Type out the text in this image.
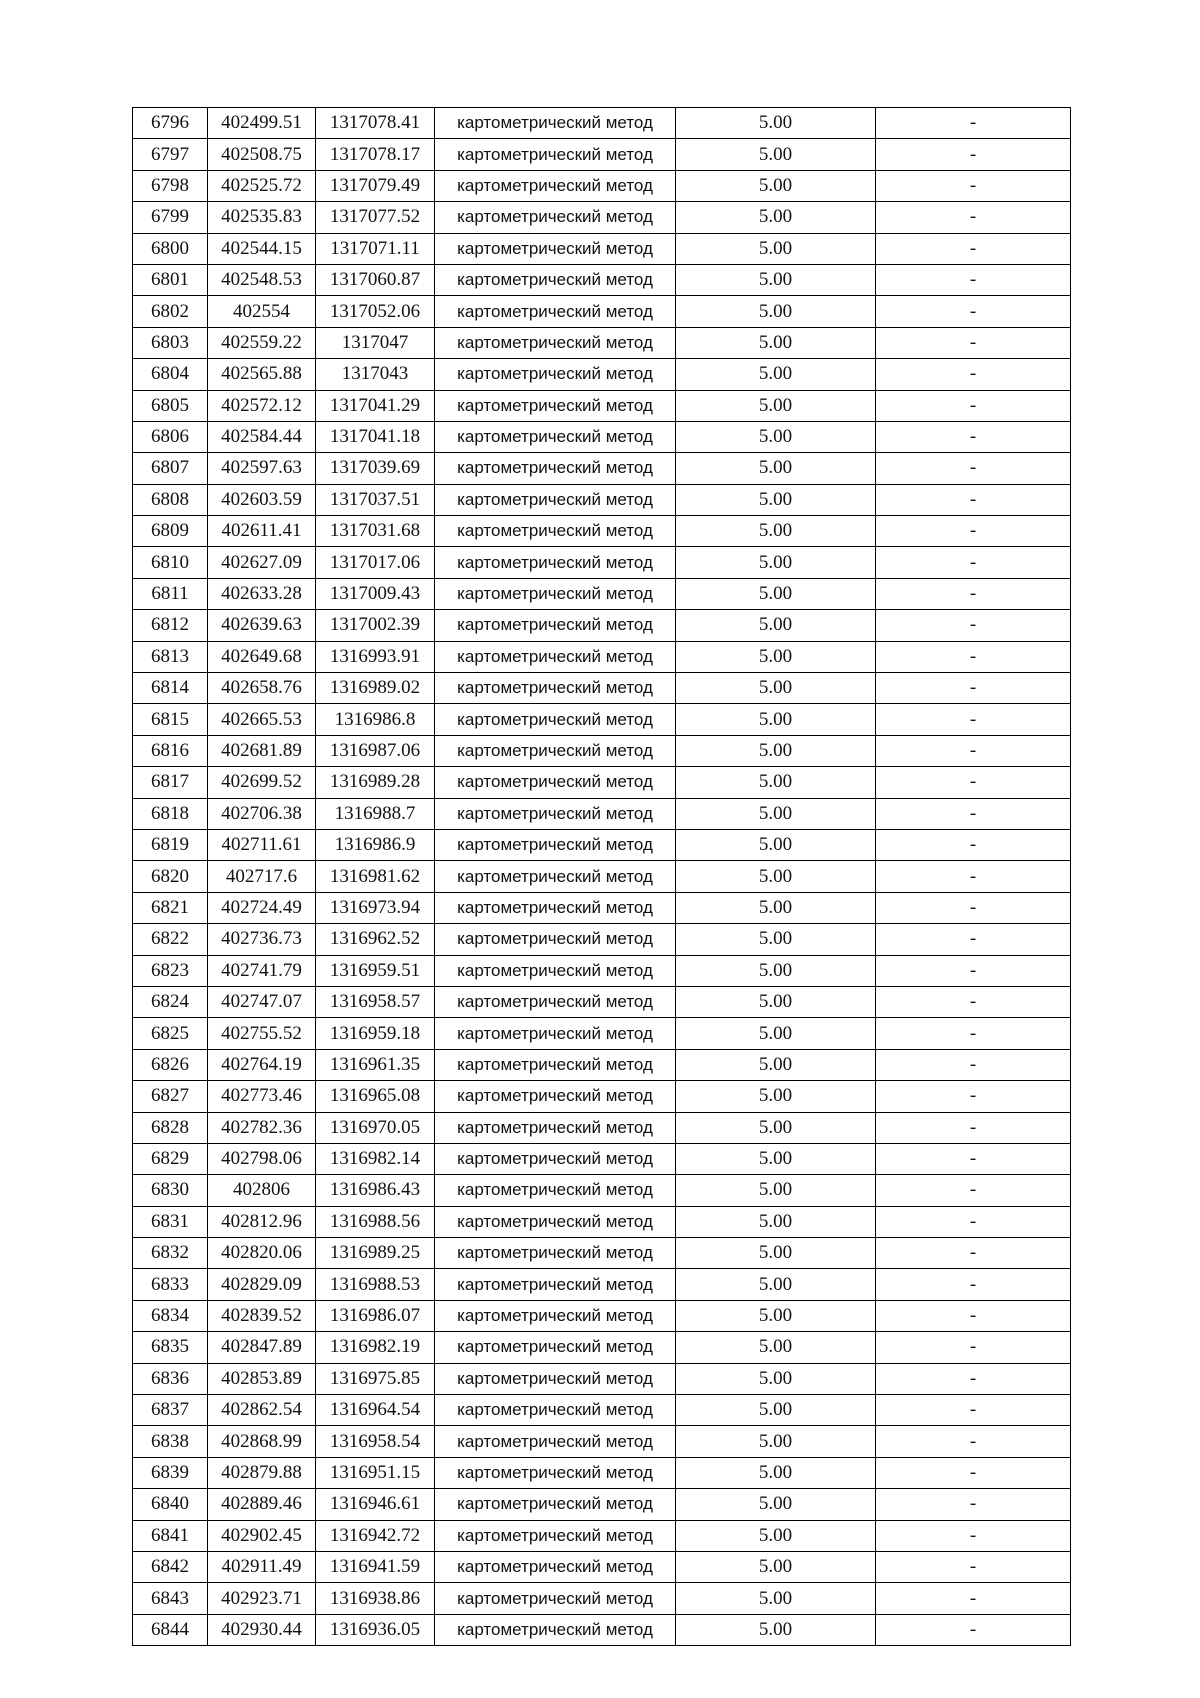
6796	402499.51	1317078.41	картометрический метод	5.00	-
6797	402508.75	1317078.17	картометрический метод	5.00	-
6798	402525.72	1317079.49	картометрический метод	5.00	-
6799	402535.83	1317077.52	картометрический метод	5.00	-
6800	402544.15	1317071.11	картометрический метод	5.00	-
6801	402548.53	1317060.87	картометрический метод	5.00	-
6802	402554	1317052.06	картометрический метод	5.00	-
6803	402559.22	1317047	картометрический метод	5.00	-
6804	402565.88	1317043	картометрический метод	5.00	-
6805	402572.12	1317041.29	картометрический метод	5.00	-
6806	402584.44	1317041.18	картометрический метод	5.00	-
6807	402597.63	1317039.69	картометрический метод	5.00	-
6808	402603.59	1317037.51	картометрический метод	5.00	-
6809	402611.41	1317031.68	картометрический метод	5.00	-
6810	402627.09	1317017.06	картометрический метод	5.00	-
6811	402633.28	1317009.43	картометрический метод	5.00	-
6812	402639.63	1317002.39	картометрический метод	5.00	-
6813	402649.68	1316993.91	картометрический метод	5.00	-
6814	402658.76	1316989.02	картометрический метод	5.00	-
6815	402665.53	1316986.8	картометрический метод	5.00	-
6816	402681.89	1316987.06	картометрический метод	5.00	-
6817	402699.52	1316989.28	картометрический метод	5.00	-
6818	402706.38	1316988.7	картометрический метод	5.00	-
6819	402711.61	1316986.9	картометрический метод	5.00	-
6820	402717.6	1316981.62	картометрический метод	5.00	-
6821	402724.49	1316973.94	картометрический метод	5.00	-
6822	402736.73	1316962.52	картометрический метод	5.00	-
6823	402741.79	1316959.51	картометрический метод	5.00	-
6824	402747.07	1316958.57	картометрический метод	5.00	-
6825	402755.52	1316959.18	картометрический метод	5.00	-
6826	402764.19	1316961.35	картометрический метод	5.00	-
6827	402773.46	1316965.08	картометрический метод	5.00	-
6828	402782.36	1316970.05	картометрический метод	5.00	-
6829	402798.06	1316982.14	картометрический метод	5.00	-
6830	402806	1316986.43	картометрический метод	5.00	-
6831	402812.96	1316988.56	картометрический метод	5.00	-
6832	402820.06	1316989.25	картометрический метод	5.00	-
6833	402829.09	1316988.53	картометрический метод	5.00	-
6834	402839.52	1316986.07	картометрический метод	5.00	-
6835	402847.89	1316982.19	картометрический метод	5.00	-
6836	402853.89	1316975.85	картометрический метод	5.00	-
6837	402862.54	1316964.54	картометрический метод	5.00	-
6838	402868.99	1316958.54	картометрический метод	5.00	-
6839	402879.88	1316951.15	картометрический метод	5.00	-
6840	402889.46	1316946.61	картометрический метод	5.00	-
6841	402902.45	1316942.72	картометрический метод	5.00	-
6842	402911.49	1316941.59	картометрический метод	5.00	-
6843	402923.71	1316938.86	картометрический метод	5.00	-
6844	402930.44	1316936.05	картометрический метод	5.00	-
